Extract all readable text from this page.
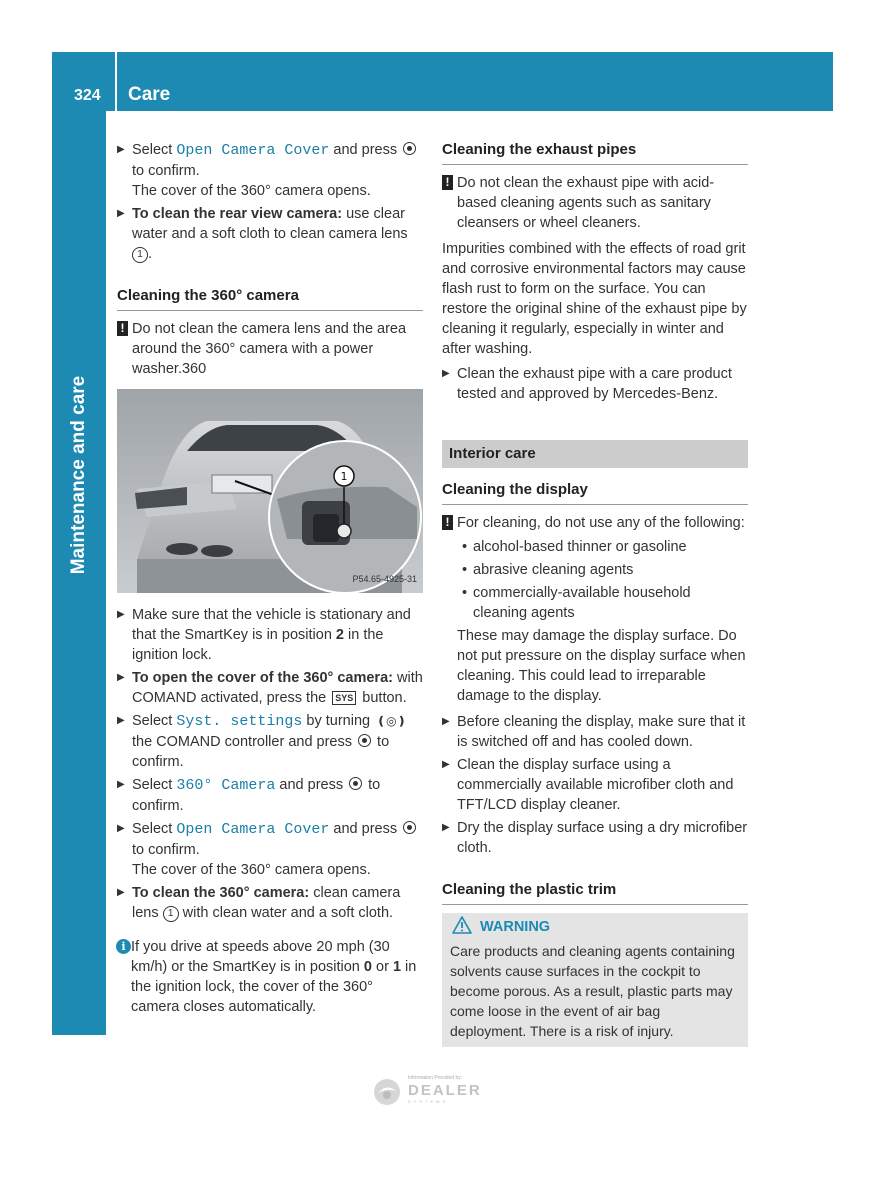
324 Care
Maintenance and care
▶ Select Open Camera Cover and press  to confirm.
The cover of the 360° camera opens.
▶ To clean the rear view camera: use clear water and a soft cloth to clean camera lens 1 .
Cleaning the 360° camera
! Do not clean the camera lens and the area around the 360° camera with a power washer.360
1
P54.65-4925-31
▶ Make sure that the vehicle is stationary and that the SmartKey is in position 2 in the ignition lock.
▶ To open the cover of the 360° camera: with COMAND activated, press the SYS button.
▶ Select Syst. settings by turning ❪◎❫ the COMAND controller and press  to confirm.
▶ Select 360° Camera and press  to confirm.
▶ Select Open Camera Cover and press  to confirm.
The cover of the 360° camera opens.
▶ To clean the 360° camera: clean camera lens 1 with clean water and a soft cloth.
i If you drive at speeds above 20 mph (30 km/h) or the SmartKey is in position 0 or 1 in the ignition lock, the cover of the 360° camera closes automatically.
Cleaning the exhaust pipes
! Do not clean the exhaust pipe with acid-based cleaning agents such as sanitary cleansers or wheel cleaners.
Impurities combined with the effects of road grit and corrosive environmental factors may cause flash rust to form on the surface. You can restore the original shine of the exhaust pipe by cleaning it regularly, especially in winter and after washing.
▶ Clean the exhaust pipe with a care product tested and approved by Mercedes-Benz.
Interior care
Cleaning the display
! For cleaning, do not use any of the following:
• alcohol-based thinner or gasoline
• abrasive cleaning agents
• commercially-available household cleaning agents
These may damage the display surface. Do not put pressure on the display surface when cleaning. This could lead to irreparable damage to the display.
▶ Before cleaning the display, make sure that it is switched off and has cooled down.
▶ Clean the display surface using a commercially available microfiber cloth and TFT/LCD display cleaner.
▶ Dry the display surface using a dry microfiber cloth.
Cleaning the plastic trim
WARNING
Care products and cleaning agents containing solvents cause surfaces in the cockpit to become porous. As a result, plastic parts may come loose in the event of air bag deployment. There is a risk of injury.
Information Provided by:
DEALER
SYSTEMS
